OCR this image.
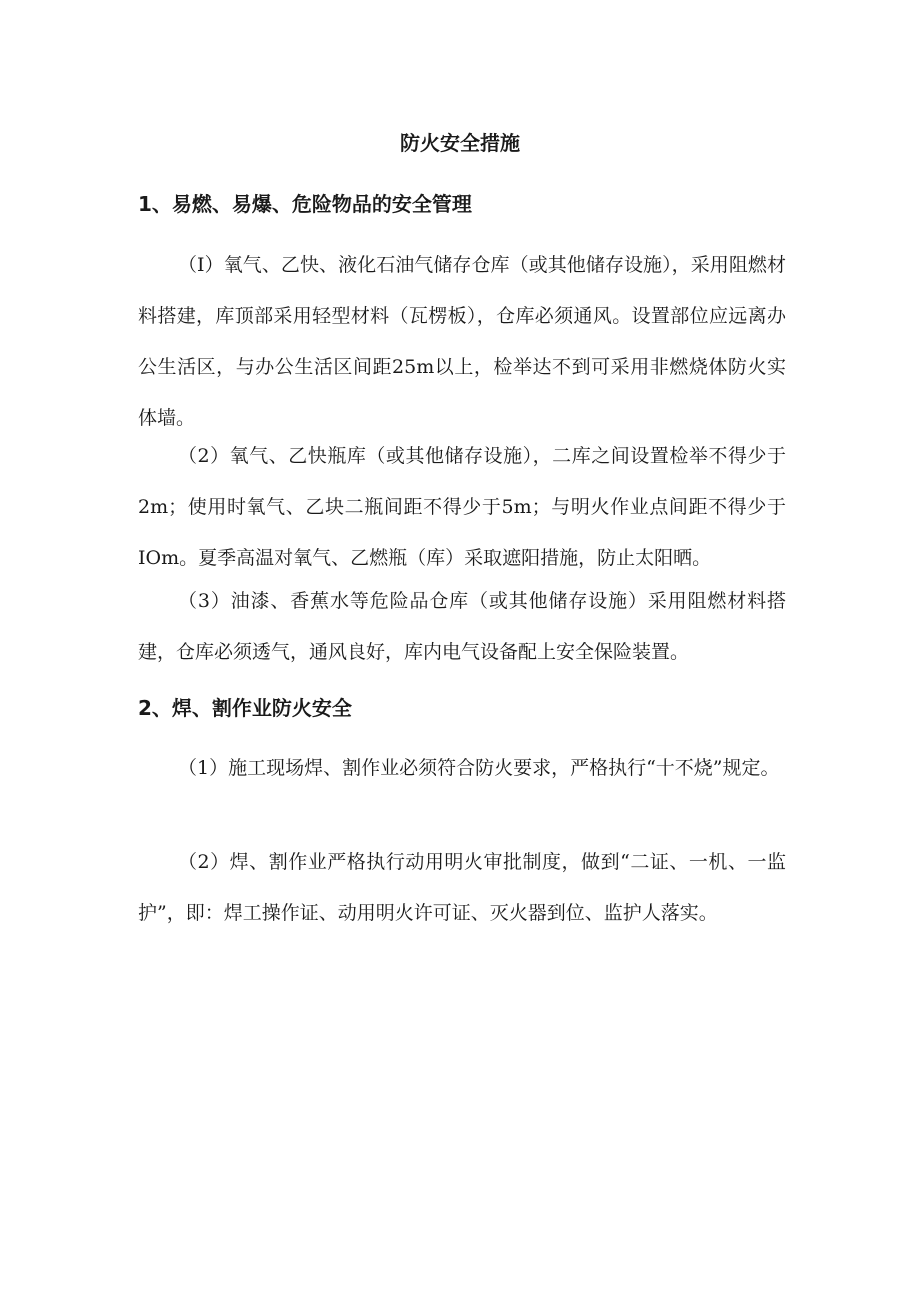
防火安全措施
1、易燃、易爆、危险物品的安全管理

（I）氧气、乙快、液化石油气储存仓库（或其他储存设施），采用阻燃材料搭建，库顶部采用轻型材料（瓦楞板），仓库必须通风。设置部位应远离办公生活区，与办公生活区间距25m以上，检举达不到可采用非燃烧体防火实体墙。

（2）氧气、乙快瓶库（或其他储存设施），二库之间设置检举不得少于2m；使用时氧气、乙块二瓶间距不得少于5m；与明火作业点间距不得少于IOm。夏季高温对氧气、乙燃瓶（库）采取遮阳措施，防止太阳晒。

（3）油漆、香蕉水等危险品仓库（或其他储存设施）采用阻燃材料搭建，仓库必须透气，通风良好，库内电气设备配上安全保险装置。

2、焊、割作业防火安全

（1）施工现场焊、割作业必须符合防火要求，严格执行“十不烧”规定。

（2）焊、割作业严格执行动用明火审批制度，做到“二证、一机、一监护”，即：焊工操作证、动用明火许可证、灭火器到位、监护人落实。
